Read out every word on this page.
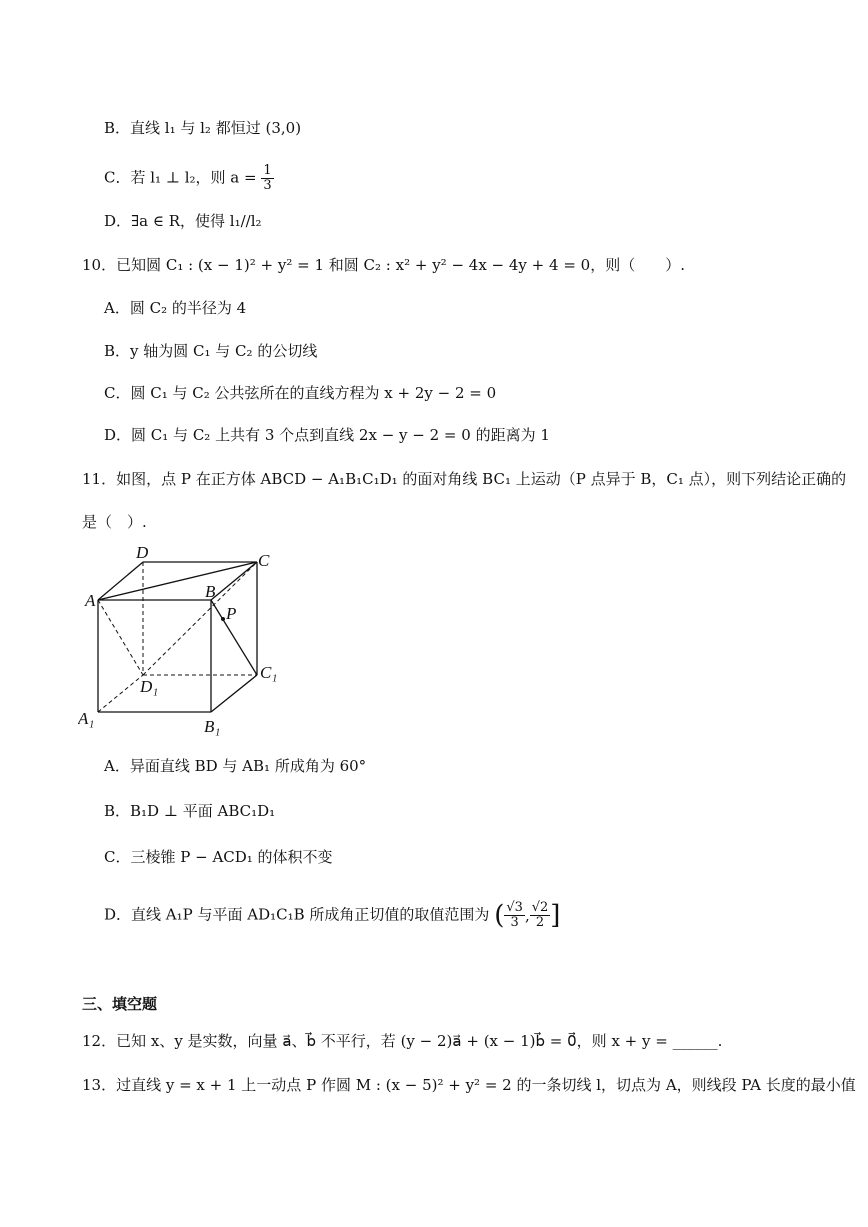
B．直线 l₁ 与 l₂ 都恒过 (3,0)
C．若 l₁ ⊥ l₂，则 $a = \frac{1}{3}$
D．∃a ∈ R，使得 l₁//l₂
10．已知圆 C₁ : (x − 1)² + y² = 1 和圆 C₂ : x² + y² − 4x − 4y + 4 = 0，则（　　）.
A．圆 C₂ 的半径为 4
B．y 轴为圆 C₁ 与 C₂ 的公切线
C．圆 C₁ 与 C₂ 公共弦所在的直线方程为 x + 2y − 2 = 0
D．圆 C₁ 与 C₂ 上共有 3 个点到直线 2x − y − 2 = 0 的距离为 1
11．如图，点 P 在正方体 ABCD − A₁B₁C₁D₁ 的面对角线 BC₁ 上运动（P 点异于 B，C₁ 点），则下列结论正确的
是（　）.
D	C
A	B
P
C₁
D₁
A₁	B₁
A．异面直线 BD 与 AB₁ 所成角为 60°
B．B₁D ⊥ 平面 ABC₁D₁
C．三棱锥 P − ACD₁ 的体积不变
D．直线 A₁P 与平面 AD₁C₁B 所成角正切值的取值范围为 ( $\frac{√3}{3}$ , $\frac{√2}{2}$ ]
三、填空题
12．已知 x、y 是实数，向量 a⃗、b⃗ 不平行，若 (y − 2)a⃗ + (x − 1)b⃗ = 0⃗，则 x + y = ______.
13．过直线 y = x + 1 上一动点 P 作圆 M : (x − 5)² + y² = 2 的一条切线 l，切点为 A，则线段 PA 长度的最小值
